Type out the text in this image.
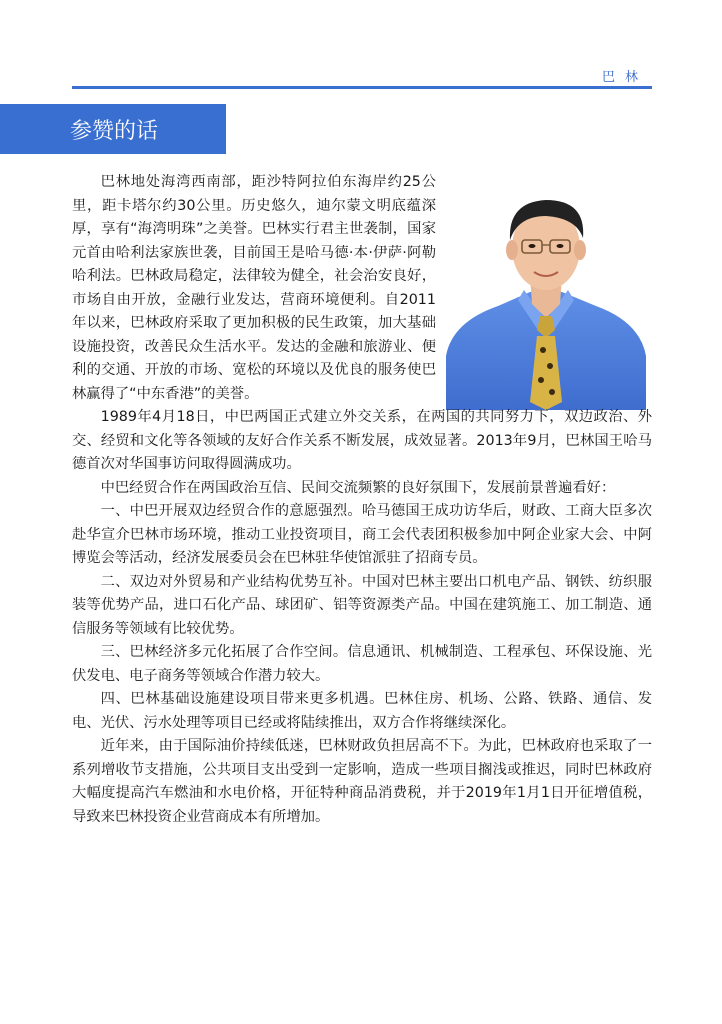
巴林
参赞的话

巴林地处海湾西南部，距沙特阿拉伯东海岸约25公里，距卡塔尔约30公里。历史悠久，迪尔蒙文明底蕴深厚，享有“海湾明珠”之美誉。巴林实行君主世袭制，国家元首由哈利法家族世袭，目前国王是哈马德·本·伊萨·阿勒哈利法。巴林政局稳定，法律较为健全，社会治安良好，市场自由开放，金融行业发达，营商环境便利。自2011年以来，巴林政府采取了更加积极的民生政策，加大基础设施投资，改善民众生活水平。发达的金融和旅游业、便利的交通、开放的市场、宽松的环境以及优良的服务使巴林赢得了“中东香港”的美誉。

1989年4月18日，中巴两国正式建立外交关系，在两国的共同努力下，双边政治、外交、经贸和文化等各领域的友好合作关系不断发展，成效显著。2013年9月，巴林国王哈马德首次对华国事访问取得圆满成功。

中巴经贸合作在两国政治互信、民间交流频繁的良好氛围下，发展前景普遍看好：

一、中巴开展双边经贸合作的意愿强烈。哈马德国王成功访华后，财政、工商大臣多次赴华宣介巴林市场环境，推动工业投资项目，商工会代表团积极参加中阿企业家大会、中阿博览会等活动，经济发展委员会在巴林驻华使馆派驻了招商专员。

二、双边对外贸易和产业结构优势互补。中国对巴林主要出口机电产品、钢铁、纺织服装等优势产品，进口石化产品、球团矿、铝等资源类产品。中国在建筑施工、加工制造、通信服务等领域有比较优势。

三、巴林经济多元化拓展了合作空间。信息通讯、机械制造、工程承包、环保设施、光伏发电、电子商务等领域合作潜力较大。

四、巴林基础设施建设项目带来更多机遇。巴林住房、机场、公路、铁路、通信、发电、光伏、污水处理等项目已经或将陆续推出，双方合作将继续深化。

近年来，由于国际油价持续低迷，巴林财政负担居高不下。为此，巴林政府也采取了一系列增收节支措施，公共项目支出受到一定影响，造成一些项目搁浅或推迟，同时巴林政府大幅度提高汽车燃油和水电价格，开征特种商品消费税，并于2019年1月1日开征增值税，导致来巴林投资企业营商成本有所增加。
